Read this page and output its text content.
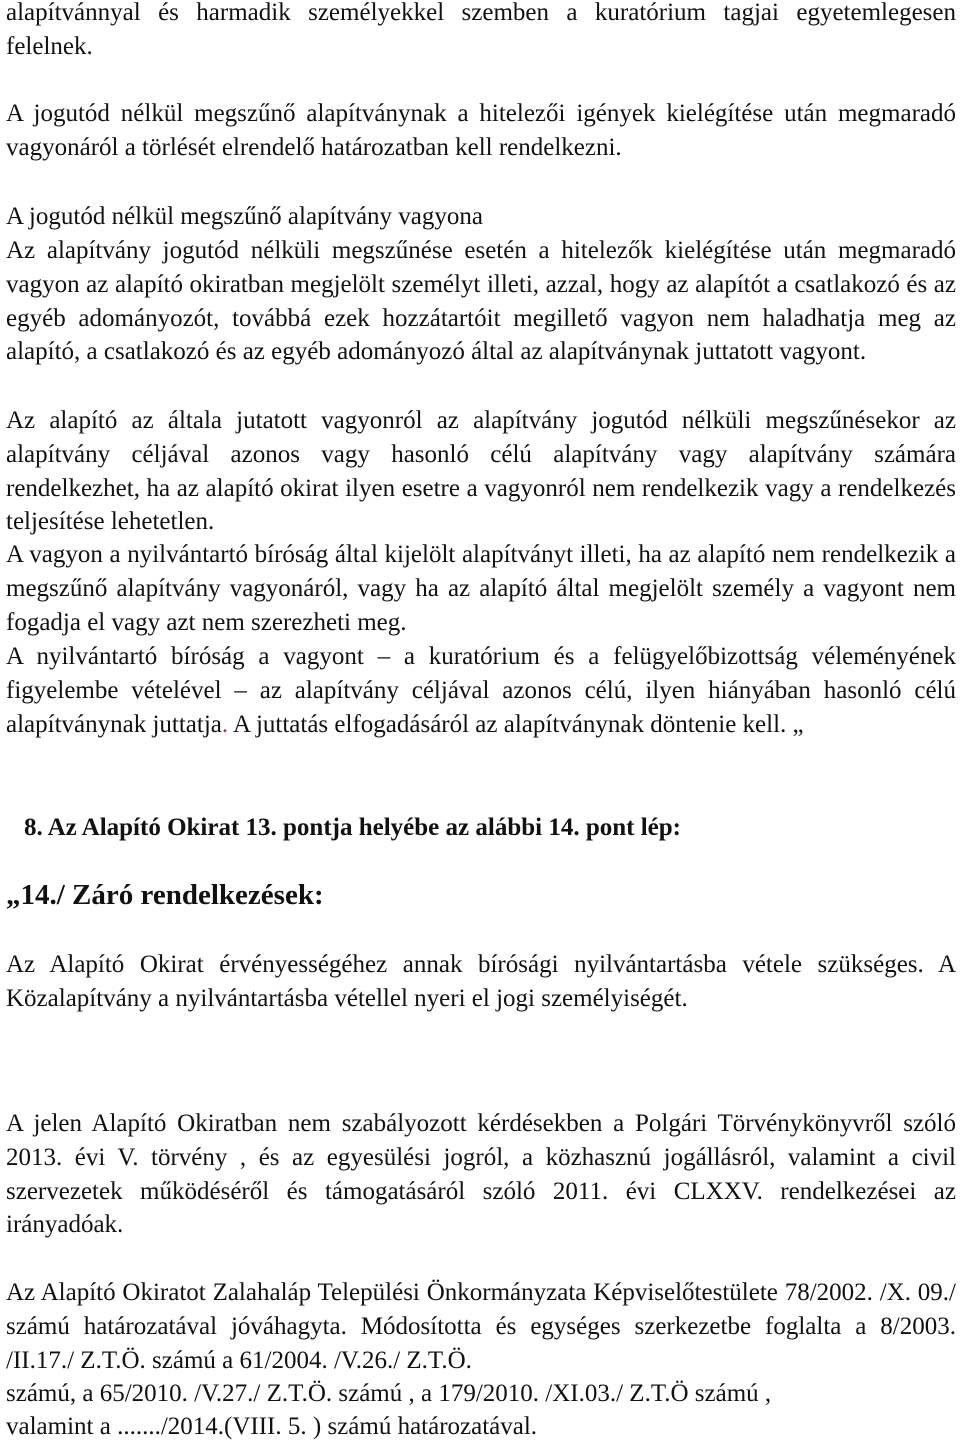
alapítvánnyal és harmadik személyekkel szemben a kuratórium tagjai egyetemlegesen felelnek.

A jogutód nélkül megszűnő alapítványnak a hitelezői igények kielégítése után megmaradó vagyonáról a törlését elrendelő határozatban kell rendelkezni.

A jogutód nélkül megszűnő alapítvány vagyona

Az alapítvány jogutód nélküli megszűnése esetén a hitelezők kielégítése után megmaradó vagyon az alapító okiratban megjelölt személyt illeti, azzal, hogy az alapítót a csatlakozó és az egyéb adományozót, továbbá ezek hozzátartóit megillető vagyon nem haladhatja meg az alapító, a csatlakozó és az egyéb adományozó által az alapítványnak juttatott vagyont.

Az alapító az általa jutatott vagyonról az alapítvány jogutód nélküli megszűnésekor az alapítvány céljával azonos vagy hasonló célú alapítvány vagy alapítvány számára rendelkezhet, ha az alapító okirat ilyen esetre a vagyonról nem rendelkezik vagy a rendelkezés teljesítése lehetetlen.

A vagyon a nyilvántartó bíróság által kijelölt alapítványt illeti, ha az alapító nem rendelkezik a megszűnő alapítvány vagyonáról, vagy ha az alapító által megjelölt személy a vagyont nem fogadja el vagy azt nem szerezheti meg.

A nyilvántartó bíróság a vagyont – a kuratórium és a felügyelőbizottság véleményének figyelembe vételével – az alapítvány céljával azonos célú, ilyen hiányában hasonló célú alapítványnak juttatja. A juttatás elfogadásáról az alapítványnak döntenie kell. „

8. Az Alapító Okirat 13. pontja helyébe az alábbi 14. pont lép:

„14./ Záró rendelkezések:

Az Alapító Okirat érvényességéhez annak bírósági nyilvántartásba vétele szükséges. A Közalapítvány a nyilvántartásba vétellel nyeri el jogi személyiségét.

A jelen Alapító Okiratban nem szabályozott kérdésekben a Polgári Törvénykönyvről szóló 2013. évi V. törvény , és az egyesülési jogról, a közhasznú jogállásról, valamint a civil szervezetek működéséről és támogatásáról szóló 2011. évi CLXXV. rendelkezései az irányadóak.

Az Alapító Okiratot Zalahaláp Települési Önkormányzata Képviselőtestülete 78/2002. /X. 09./ számú határozatával jóváhagyta. Módosította és egységes szerkezetbe foglalta a 8/2003. /II.17./ Z.T.Ö. számú a 61/2004. /V.26./ Z.T.Ö.

számú, a 65/2010. /V.27./ Z.T.Ö. számú , a 179/2010. /XI.03./ Z.T.Ö számú ,

valamint a ......./2014.(VIII. 5. ) számú határozatával.
